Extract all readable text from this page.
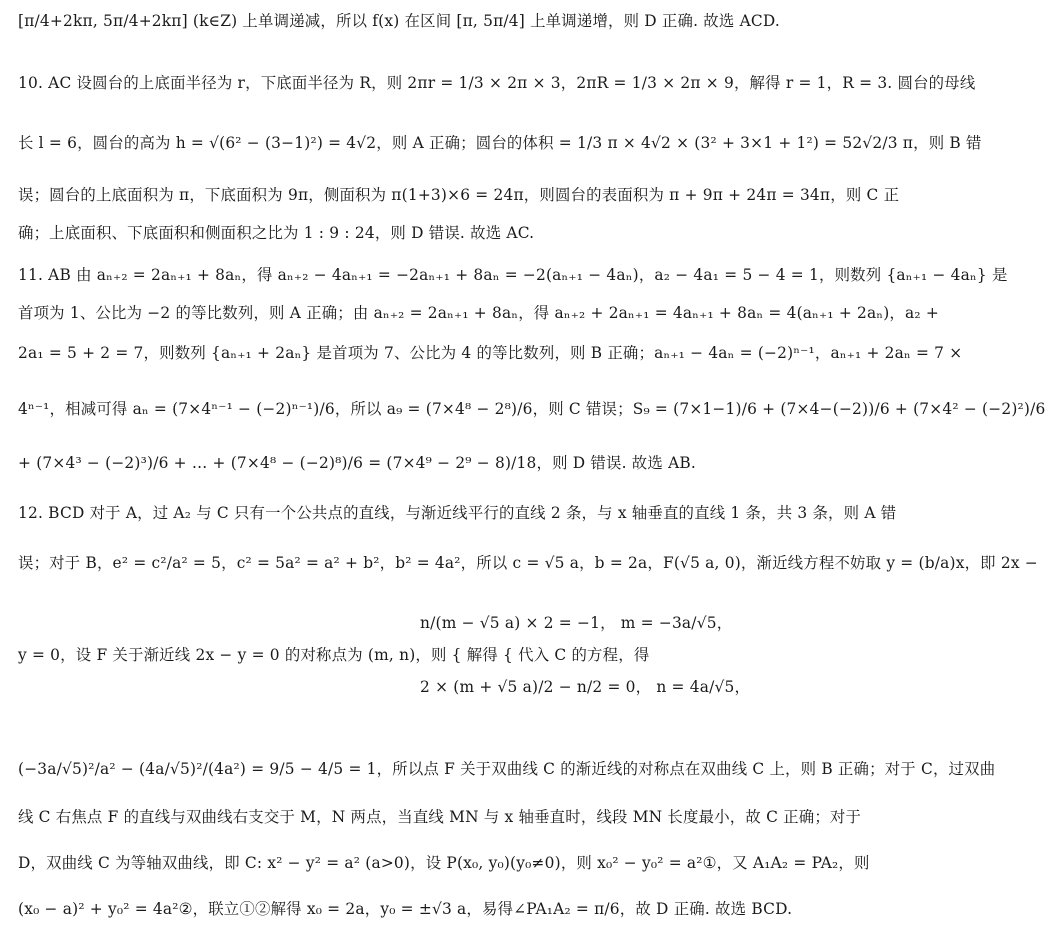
[π/4+2kπ, 5π/4+2kπ] (k∈Z) 上单调递减，所以 f(x) 在区间 [π, 5π/4] 上单调递增，则 D 正确. 故选 ACD.
10. AC 设圆台的上底面半径为 r，下底面半径为 R，则 2πr = 1/3 × 2π × 3，2πR = 1/3 × 2π × 9，解得 r = 1，R = 3. 圆台的母线
长 l = 6，圆台的高为 h = √(6² − (3−1)²) = 4√2，则 A 正确；圆台的体积 = 1/3 π × 4√2 × (3² + 3×1 + 1²) = 52√2/3 π，则 B 错
误；圆台的上底面积为 π，下底面积为 9π，侧面积为 π(1+3)×6 = 24π，则圆台的表面积为 π + 9π + 24π = 34π，则 C 正
确；上底面积、下底面积和侧面积之比为 1 : 9 : 24，则 D 错误. 故选 AC.
11. AB 由 aₙ₊₂ = 2aₙ₊₁ + 8aₙ，得 aₙ₊₂ − 4aₙ₊₁ = −2aₙ₊₁ + 8aₙ = −2(aₙ₊₁ − 4aₙ)，a₂ − 4a₁ = 5 − 4 = 1，则数列 {aₙ₊₁ − 4aₙ} 是
首项为 1、公比为 −2 的等比数列，则 A 正确；由 aₙ₊₂ = 2aₙ₊₁ + 8aₙ，得 aₙ₊₂ + 2aₙ₊₁ = 4aₙ₊₁ + 8aₙ = 4(aₙ₊₁ + 2aₙ)，a₂ +
2a₁ = 5 + 2 = 7，则数列 {aₙ₊₁ + 2aₙ} 是首项为 7、公比为 4 的等比数列，则 B 正确；aₙ₊₁ − 4aₙ = (−2)ⁿ⁻¹，aₙ₊₁ + 2aₙ = 7 ×
4ⁿ⁻¹，相减可得 aₙ = (7×4ⁿ⁻¹ − (−2)ⁿ⁻¹)/6，所以 a₉ = (7×4⁸ − 2⁸)/6，则 C 错误；S₉ = (7×1−1)/6 + (7×4−(−2))/6 + (7×4² − (−2)²)/6
+ (7×4³ − (−2)³)/6 + … + (7×4⁸ − (−2)⁸)/6 = (7×4⁹ − 2⁹ − 8)/18，则 D 错误. 故选 AB.
12. BCD 对于 A，过 A₂ 与 C 只有一个公共点的直线，与渐近线平行的直线 2 条，与 x 轴垂直的直线 1 条，共 3 条，则 A 错
误；对于 B，e² = c²/a² = 5，c² = 5a² = a² + b²，b² = 4a²，所以 c = √5 a，b = 2a，F(√5 a, 0)，渐近线方程不妨取 y = (b/a)x，即 2x −
n/(m − √5 a) × 2 = −1， m = −3a/√5，
y = 0，设 F 关于渐近线 2x − y = 0 的对称点为 (m, n)，则 { 解得 { 代入 C 的方程，得
2 × (m + √5 a)/2 − n/2 = 0， n = 4a/√5，
(−3a/√5)²/a² − (4a/√5)²/(4a²) = 9/5 − 4/5 = 1，所以点 F 关于双曲线 C 的渐近线的对称点在双曲线 C 上，则 B 正确；对于 C，过双曲
线 C 右焦点 F 的直线与双曲线右支交于 M，N 两点，当直线 MN 与 x 轴垂直时，线段 MN 长度最小，故 C 正确；对于
D，双曲线 C 为等轴双曲线，即 C: x² − y² = a² (a>0)，设 P(x₀, y₀)(y₀≠0)，则 x₀² − y₀² = a²①，又 A₁A₂ = PA₂，则
(x₀ − a)² + y₀² = 4a²②，联立①②解得 x₀ = 2a，y₀ = ±√3 a，易得∠PA₁A₂ = π/6，故 D 正确. 故选 BCD.
